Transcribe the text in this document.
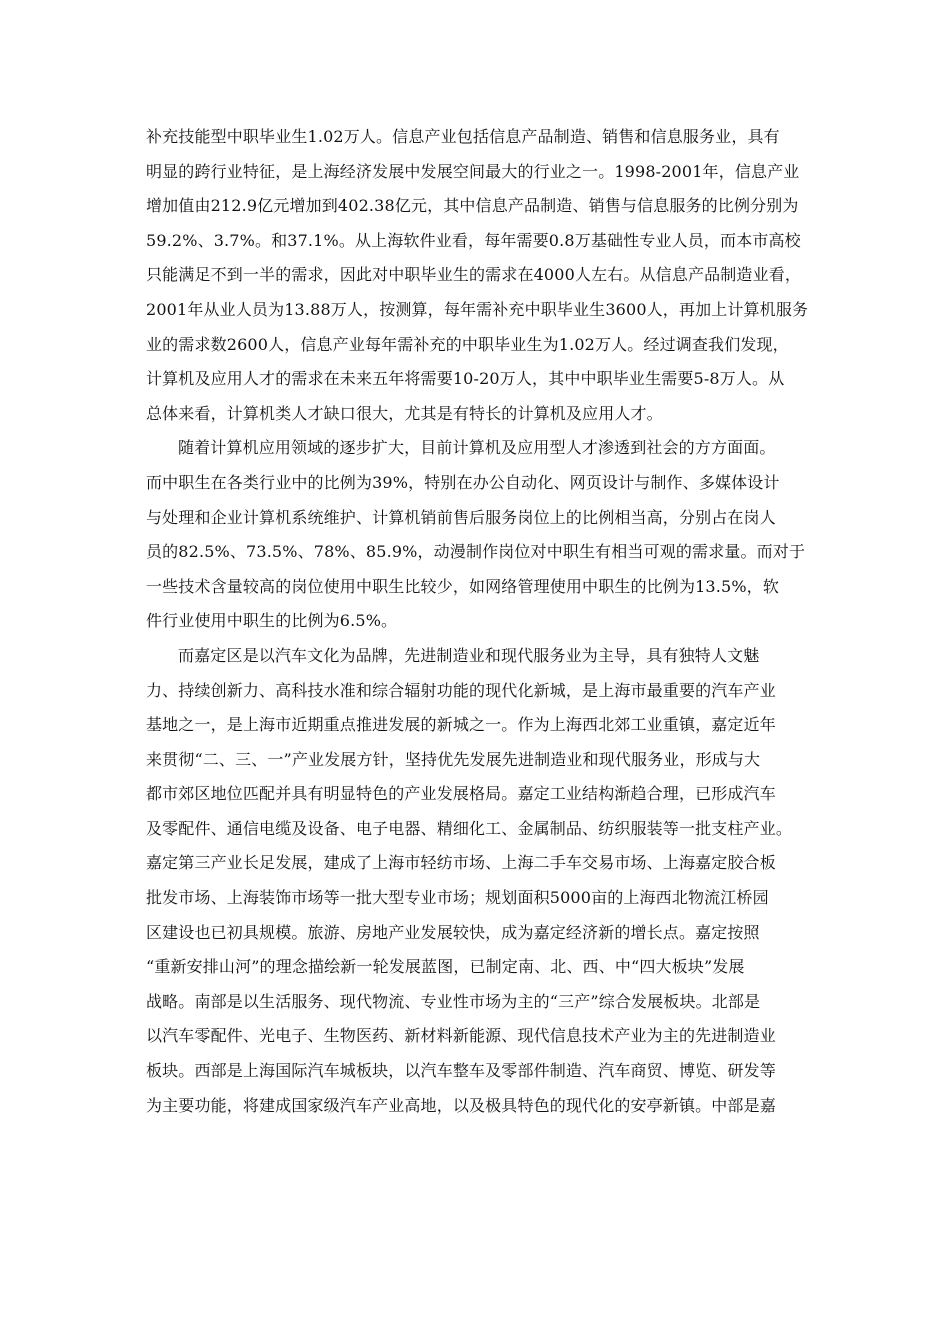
补充技能型中职毕业生1.02万人。信息产业包括信息产品制造、销售和信息服务业，具有
明显的跨行业特征，是上海经济发展中发展空间最大的行业之一。1998-2001年，信息产业
增加值由212.9亿元增加到402.38亿元，其中信息产品制造、销售与信息服务的比例分别为
59.2%、3.7%。和37.1%。从上海软件业看，每年需要0.8万基础性专业人员，而本市高校
只能满足不到一半的需求，因此对中职毕业生的需求在4000人左右。从信息产品制造业看，
2001年从业人员为13.88万人，按测算，每年需补充中职毕业生3600人，再加上计算机服务
业的需求数2600人，信息产业每年需补充的中职毕业生为1.02万人。经过调查我们发现，
计算机及应用人才的需求在未来五年将需要10-20万人，其中中职毕业生需要5-8万人。从
总体来看，计算机类人才缺口很大，尤其是有特长的计算机及应用人才。
随着计算机应用领域的逐步扩大，目前计算机及应用型人才渗透到社会的方方面面。
而中职生在各类行业中的比例为39%，特别在办公自动化、网页设计与制作、多媒体设计
与处理和企业计算机系统维护、计算机销前售后服务岗位上的比例相当高，分别占在岗人
员的82.5%、73.5%、78%、85.9%，动漫制作岗位对中职生有相当可观的需求量。而对于
一些技术含量较高的岗位使用中职生比较少，如网络管理使用中职生的比例为13.5%，软
件行业使用中职生的比例为6.5%。
而嘉定区是以汽车文化为品牌，先进制造业和现代服务业为主导，具有独特人文魅
力、持续创新力、高科技水准和综合辐射功能的现代化新城，是上海市最重要的汽车产业
基地之一，是上海市近期重点推进发展的新城之一。作为上海西北郊工业重镇，嘉定近年
来贯彻“二、三、一”产业发展方针，坚持优先发展先进制造业和现代服务业，形成与大
都市郊区地位匹配并具有明显特色的产业发展格局。嘉定工业结构渐趋合理，已形成汽车
及零配件、通信电缆及设备、电子电器、精细化工、金属制品、纺织服装等一批支柱产业。
嘉定第三产业长足发展，建成了上海市轻纺市场、上海二手车交易市场、上海嘉定胶合板
批发市场、上海装饰市场等一批大型专业市场；规划面积5000亩的上海西北物流江桥园
区建设也已初具规模。旅游、房地产业发展较快，成为嘉定经济新的增长点。嘉定按照
“重新安排山河”的理念描绘新一轮发展蓝图，已制定南、北、西、中“四大板块”发展
战略。南部是以生活服务、现代物流、专业性市场为主的“三产”综合发展板块。北部是
以汽车零配件、光电子、生物医药、新材料新能源、现代信息技术产业为主的先进制造业
板块。西部是上海国际汽车城板块，以汽车整车及零部件制造、汽车商贸、博览、研发等
为主要功能，将建成国家级汽车产业高地，以及极具特色的现代化的安亭新镇。中部是嘉
